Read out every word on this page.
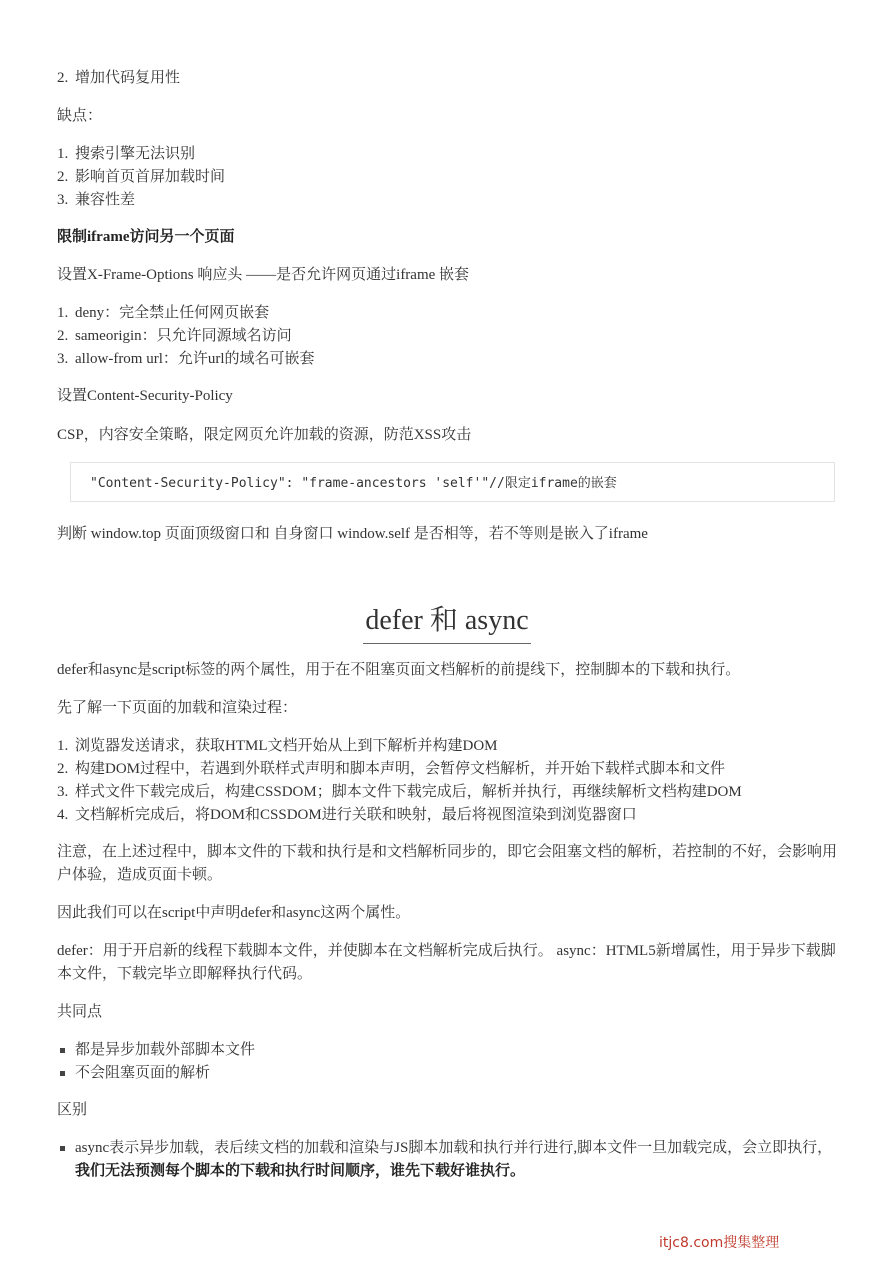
2. 增加代码复用性

缺点：

1. 搜索引擎无法识别
2. 影响首页首屏加载时间
3. 兼容性差

限制iframe访问另一个页面

设置X-Frame-Options 响应头 ——是否允许网页通过iframe 嵌套

1. deny：完全禁止任何网页嵌套
2. sameorigin：只允许同源域名访问
3. allow-from url：允许url的域名可嵌套

设置Content-Security-Policy

CSP，内容安全策略，限定网页允许加载的资源，防范XSS攻击

"Content-Security-Policy": "frame-ancestors 'self'"//限定iframe的嵌套

判断 window.top 页面顶级窗口和 自身窗口 window.self 是否相等，若不等则是嵌入了iframe

defer 和 async

defer和async是script标签的两个属性，用于在不阻塞页面文档解析的前提线下，控制脚本的下载和执行。

先了解一下页面的加载和渲染过程：

1. 浏览器发送请求，获取HTML文档开始从上到下解析并构建DOM
2. 构建DOM过程中，若遇到外联样式声明和脚本声明，会暂停文档解析，并开始下载样式脚本和文件
3. 样式文件下载完成后，构建CSSDOM；脚本文件下载完成后，解析并执行，再继续解析文档构建DOM
4. 文档解析完成后，将DOM和CSSDOM进行关联和映射，最后将视图渲染到浏览器窗口

注意，在上述过程中，脚本文件的下载和执行是和文档解析同步的，即它会阻塞文档的解析，若控制的不好，会影响用户体验，造成页面卡顿。

因此我们可以在script中声明defer和async这两个属性。

defer：用于开启新的线程下载脚本文件，并使脚本在文档解析完成后执行。 async：HTML5新增属性，用于异步下载脚本文件，下载完毕立即解释执行代码。

共同点

都是异步加载外部脚本文件
不会阻塞页面的解析

区别

async表示异步加载，表后续文档的加载和渲染与JS脚本加载和执行并行进行,脚本文件一旦加载完成，会立即执行，我们无法预测每个脚本的下载和执行时间顺序，谁先下载好谁执行。
itjc8.com搜集整理
